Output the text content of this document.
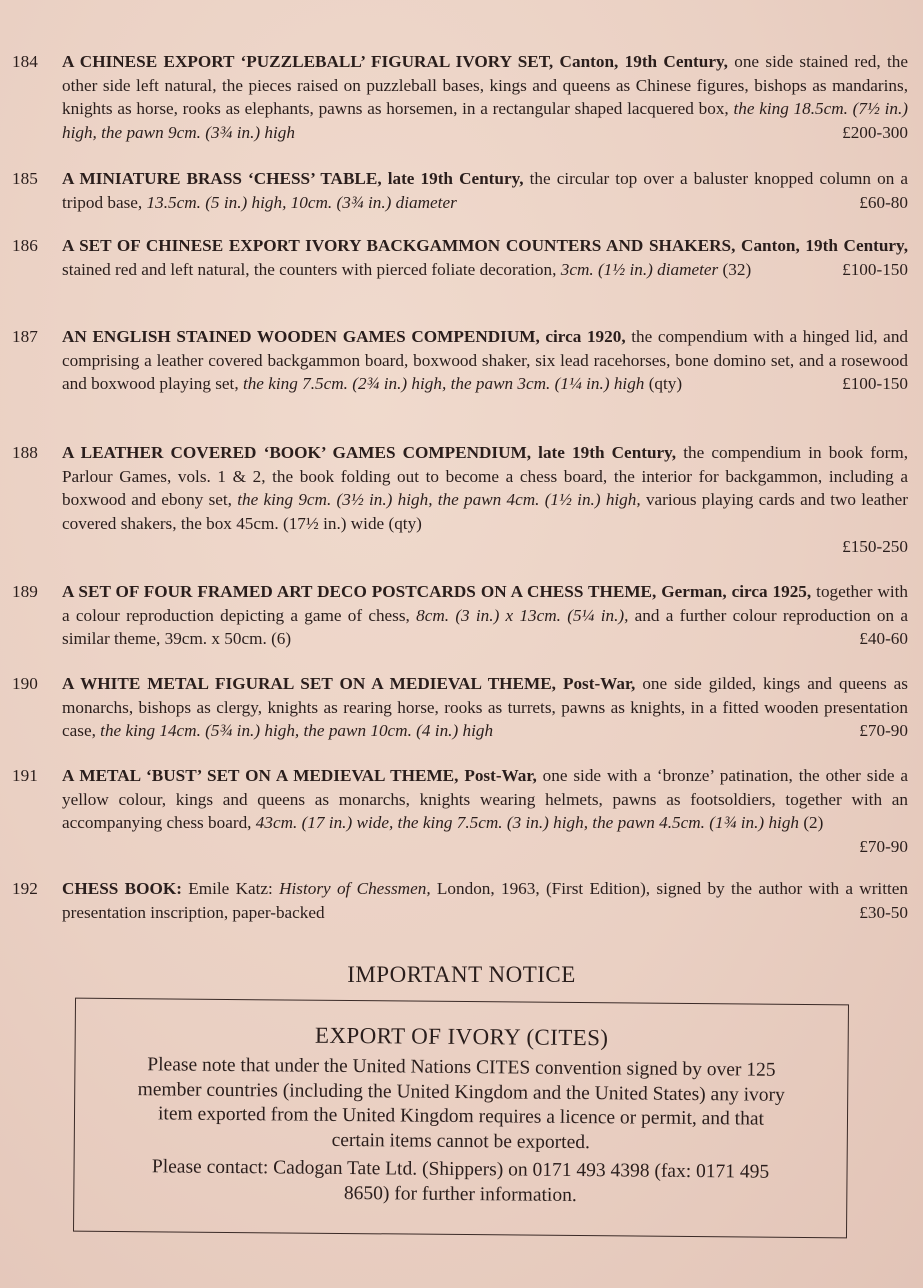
184	A CHINESE EXPORT ‘PUZZLEBALL’ FIGURAL IVORY SET, Canton, 19th Century, one side stained red, the other side left natural, the pieces raised on puzzleball bases, kings and queens as Chinese figures, bishops as mandarins, knights as horse, rooks as elephants, pawns as horsemen, in a rectangular shaped lacquered box, the king 18.5cm. (7½ in.) high, the pawn 9cm. (3¾ in.) high	£200-300
185	A MINIATURE BRASS ‘CHESS’ TABLE, late 19th Century, the circular top over a baluster knopped column on a tripod base, 13.5cm. (5 in.) high, 10cm. (3¾ in.) diameter	£60-80
186	A SET OF CHINESE EXPORT IVORY BACKGAMMON COUNTERS AND SHAKERS, Canton, 19th Century, stained red and left natural, the counters with pierced foliate decoration, 3cm. (1½ in.) diameter (32)	£100-150
187	AN ENGLISH STAINED WOODEN GAMES COMPENDIUM, circa 1920, the compendium with a hinged lid, and comprising a leather covered backgammon board, boxwood shaker, six lead racehorses, bone domino set, and a rosewood and boxwood playing set, the king 7.5cm. (2¾ in.) high, the pawn 3cm. (1¼ in.) high (qty)	£100-150
188	A LEATHER COVERED ‘BOOK’ GAMES COMPENDIUM, late 19th Century, the compendium in book form, Parlour Games, vols. 1 & 2, the book folding out to become a chess board, the interior for backgammon, including a boxwood and ebony set, the king 9cm. (3½ in.) high, the pawn 4cm. (1½ in.) high, various playing cards and two leather covered shakers, the box 45cm. (17½ in.) wide (qty)
£150-250
189	A SET OF FOUR FRAMED ART DECO POSTCARDS ON A CHESS THEME, German, circa 1925, together with a colour reproduction depicting a game of chess, 8cm. (3 in.) x 13cm. (5¼ in.), and a further colour reproduction on a similar theme, 39cm. x 50cm. (6)	£40-60
190	A WHITE METAL FIGURAL SET ON A MEDIEVAL THEME, Post-War, one side gilded, kings and queens as monarchs, bishops as clergy, knights as rearing horse, rooks as turrets, pawns as knights, in a fitted wooden presentation case, the king 14cm. (5¾ in.) high, the pawn 10cm. (4 in.) high	£70-90
191	A METAL ‘BUST’ SET ON A MEDIEVAL THEME, Post-War, one side with a ‘bronze’ patination, the other side a yellow colour, kings and queens as monarchs, knights wearing helmets, pawns as footsoldiers, together with an accompanying chess board, 43cm. (17 in.) wide, the king 7.5cm. (3 in.) high, the pawn 4.5cm. (1¾ in.) high (2)
£70-90
192	CHESS BOOK: Emile Katz: History of Chessmen, London, 1963, (First Edition), signed by the author with a written presentation inscription, paper-backed	£30-50
IMPORTANT NOTICE
EXPORT OF IVORY (CITES)
Please note that under the United Nations CITES convention signed by over 125 member countries (including the United Kingdom and the United States) any ivory item exported from the United Kingdom requires a licence or permit, and that certain items cannot be exported.
Please contact: Cadogan Tate Ltd. (Shippers) on 0171 493 4398 (fax: 0171 495 8650) for further information.
